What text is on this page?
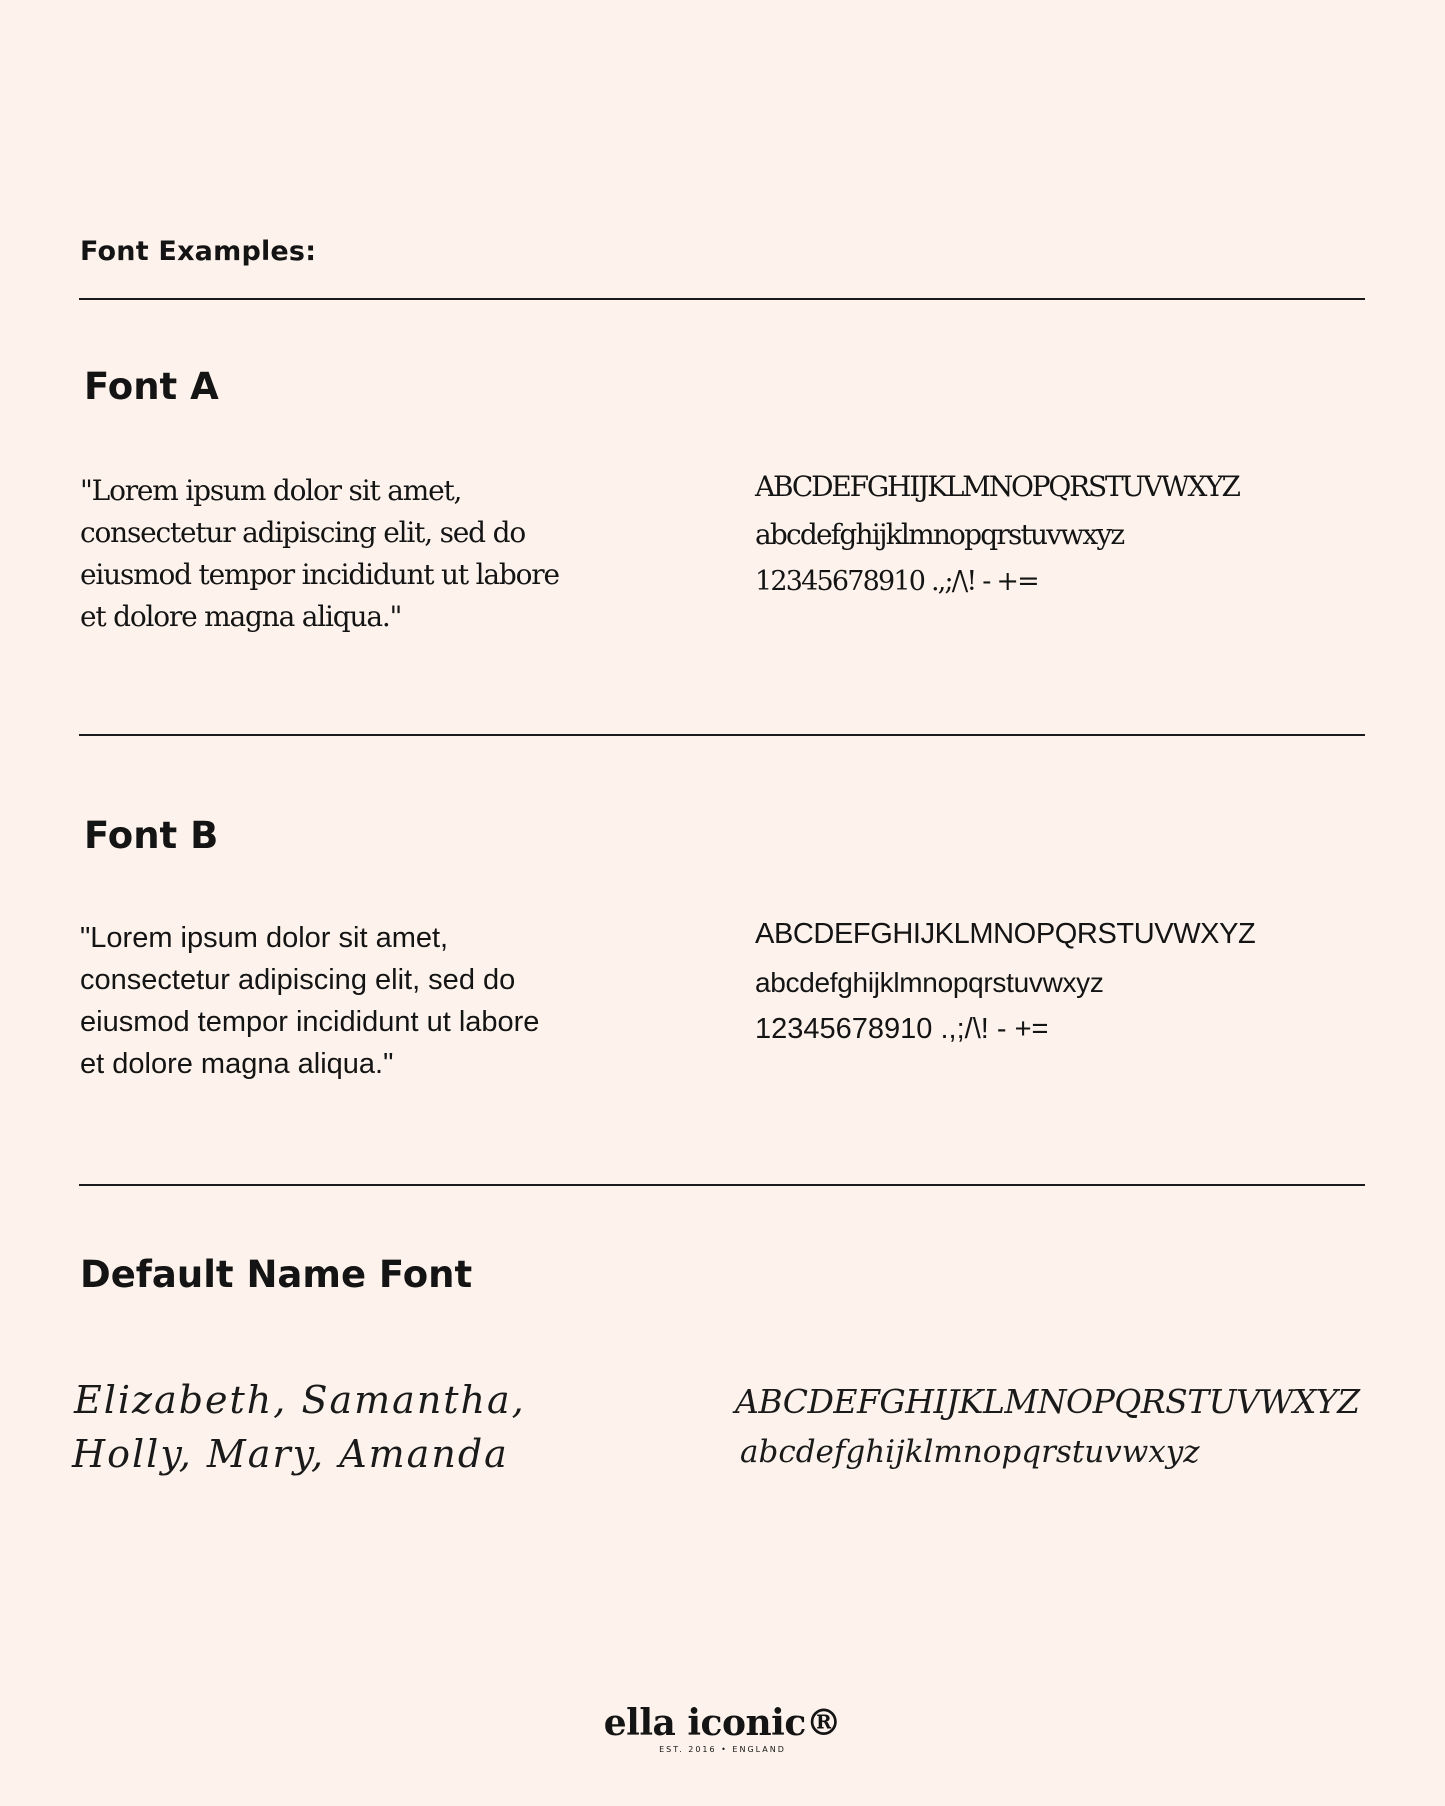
Font Examples:
Font A
"Lorem ipsum dolor sit amet,
consectetur adipiscing elit, sed do
eiusmod tempor incididunt ut labore
et dolore magna aliqua."
ABCDEFGHIJKLMNOPQRSTUVWXYZ
abcdefghijklmnopqrstuvwxyz
12345678910 .,;/\! - +=
Font B
"Lorem ipsum dolor sit amet,
consectetur adipiscing elit, sed do
eiusmod tempor incididunt ut labore
et dolore magna aliqua."
ABCDEFGHIJKLMNOPQRSTUVWXYZ
abcdefghijklmnopqrstuvwxyz
12345678910 .,;/\! - +=
Default Name Font
Elizabeth, Samantha,
Holly, Mary, Amanda
ABCDEFGHIJKLMNOPQRSTUVWXYZ
abcdefghijklmnopqrstuvwxyz
ella iconic®
EST. 2016 • ENGLAND
